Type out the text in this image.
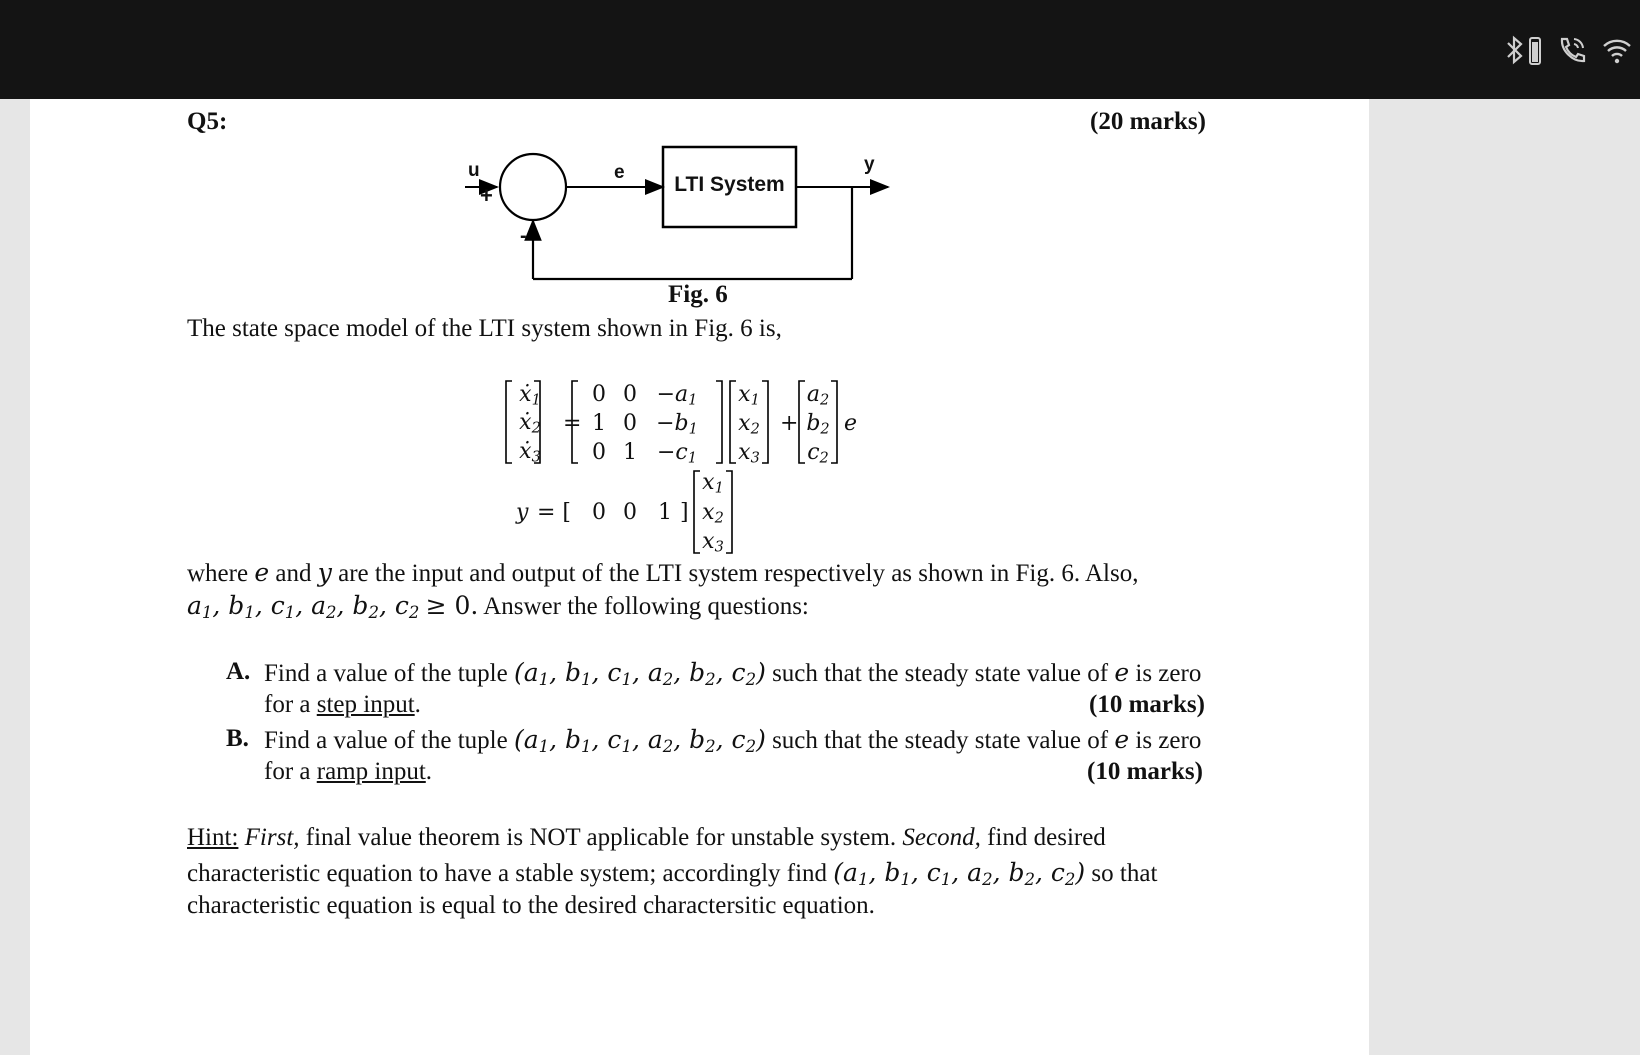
Q5:	(20 marks)
u
+
-
e
LTI System
y
Fig. 6
The state space model of the LTI system shown in Fig. 6 is,
ẋ$_1$
ẋ$_2$
ẋ$_3$
=
0 $0 -a_1$
1 $0 -b_1$
0 $1 -c_1$
$x_1$
$x_2$
$x_3$
+
$a_2$
$b_2$
$c_2$
e
y = [ 0 0 1 ]
$x_1$
$x_2$
$x_3$
where e and y are the input and output of the LTI system respectively as shown in Fig. 6. Also,
$a_1$, $b_1$, $c_1$, $a_2$, $b_2$, $c_2 \ge 0$. Answer the following questions:
A. Find a value of the tuple ($a_1$, $b_1$, $c_1$, $a_2$, $b_2$, $c_2$) such that the steady state value of e is zero
for a step input.	(10 marks)
B. Find a value of the tuple ($a_1$, $b_1$, $c_1$, $a_2$, $b_2$, $c_2$) such that the steady state value of e is zero
for a ramp input.	(10 marks)
Hint: First, final value theorem is NOT applicable for unstable system. Second, find desired
characteristic equation to have a stable system; accordingly find ($a_1$, $b_1$, $c_1$, $a_2$, $b_2$, $c_2$) so that
characteristic equation is equal to the desired charactersitic equation.
